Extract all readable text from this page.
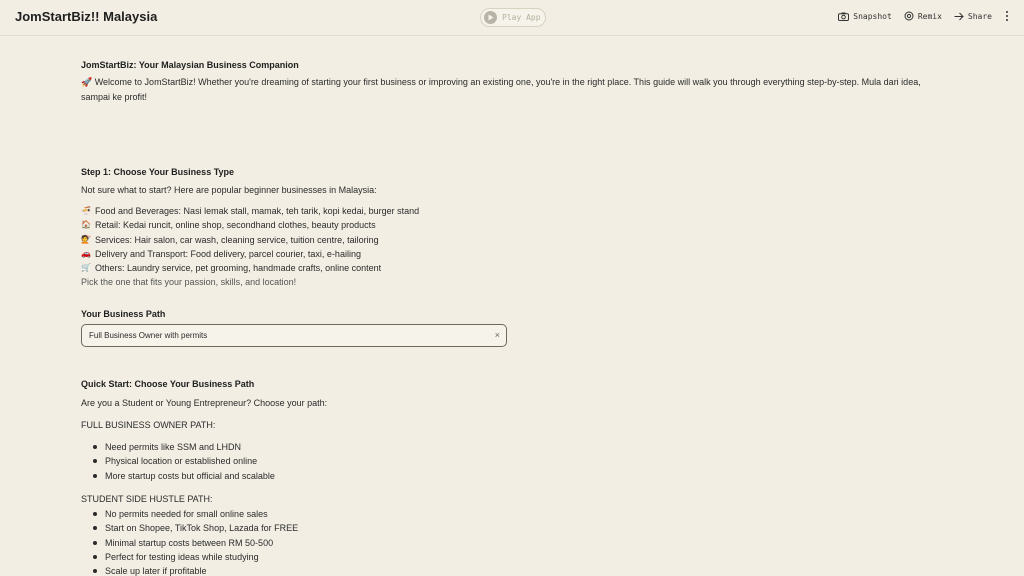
JomStartBiz!! Malaysia	Play App	Snapshot	Remix	Share
JomStartBiz: Your Malaysian Business Companion
🚀 Welcome to JomStartBiz! Whether you're dreaming of starting your first business or improving an existing one, you're in the right place. This guide will walk you through everything step-by-step. Mula dari idea, sampai ke profit!
Step 1: Choose Your Business Type
Not sure what to start? Here are popular beginner businesses in Malaysia:
🍜 Food and Beverages: Nasi lemak stall, mamak, teh tarik, kopi kedai, burger stand
🏠 Retail: Kedai runcit, online shop, secondhand clothes, beauty products
💇 Services: Hair salon, car wash, cleaning service, tuition centre, tailoring
🚗 Delivery and Transport: Food delivery, parcel courier, taxi, e-hailing
🛒 Others: Laundry service, pet grooming, handmade crafts, online content
Pick the one that fits your passion, skills, and location!
Your Business Path
Full Business Owner with permits	×
Quick Start: Choose Your Business Path
Are you a Student or Young Entrepreneur? Choose your path:
FULL BUSINESS OWNER PATH:
Need permits like SSM and LHDN
Physical location or established online
More startup costs but official and scalable
STUDENT SIDE HUSTLE PATH:
No permits needed for small online sales
Start on Shopee, TikTok Shop, Lazada for FREE
Minimal startup costs between RM 50-500
Perfect for testing ideas while studying
Scale up later if profitable
